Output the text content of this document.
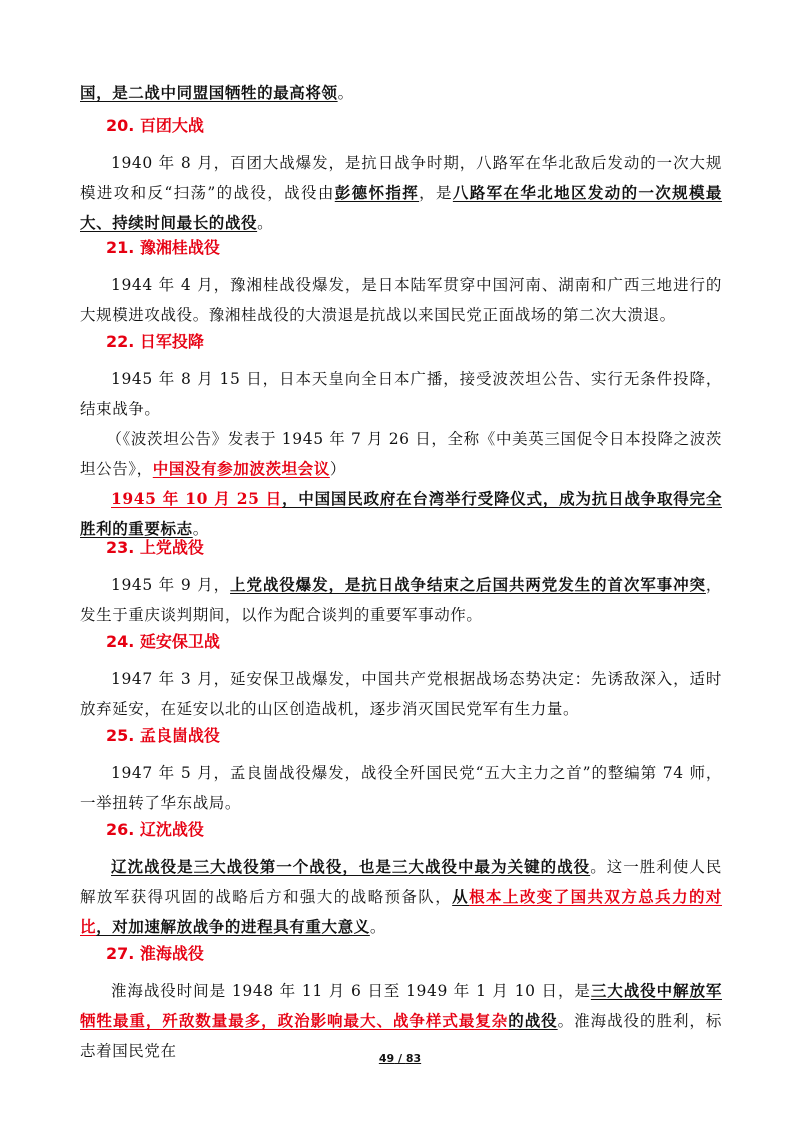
国，是二战中同盟国牺牲的最高将领。

20. 百团大战

1940 年 8 月，百团大战爆发，是抗日战争时期，八路军在华北敌后发动的一次大规模进攻和反“扫荡”的战役，战役由彭德怀指挥，是八路军在华北地区发动的一次规模最大、持续时间最长的战役。

21. 豫湘桂战役

1944 年 4 月，豫湘桂战役爆发，是日本陆军贯穿中国河南、湖南和广西三地进行的大规模进攻战役。豫湘桂战役的大溃退是抗战以来国民党正面战场的第二次大溃退。

22. 日军投降

1945 年 8 月 15 日，日本天皇向全日本广播，接受波茨坦公告、实行无条件投降，结束战争。

（《波茨坦公告》发表于 1945 年 7 月 26 日，全称《中美英三国促令日本投降之波茨坦公告》，中国没有参加波茨坦会议）

1945 年 10 月 25 日，中国国民政府在台湾举行受降仪式，成为抗日战争取得完全胜利的重要标志。

23. 上党战役

1945 年 9 月，上党战役爆发，是抗日战争结束之后国共两党发生的首次军事冲突，发生于重庆谈判期间，以作为配合谈判的重要军事动作。

24. 延安保卫战

1947 年 3 月，延安保卫战爆发，中国共产党根据战场态势决定：先诱敌深入，适时放弃延安，在延安以北的山区创造战机，逐步消灭国民党军有生力量。

25. 孟良崮战役

1947 年 5 月，孟良崮战役爆发，战役全歼国民党“五大主力之首”的整编第 74 师，一举扭转了华东战局。

26. 辽沈战役

辽沈战役是三大战役第一个战役，也是三大战役中最为关键的战役。这一胜利使人民解放军获得巩固的战略后方和强大的战略预备队，从根本上改变了国共双方总兵力的对比，对加速解放战争的进程具有重大意义。

27. 淮海战役

淮海战役时间是 1948 年 11 月 6 日至 1949 年 1 月 10 日，是三大战役中解放军牺牲最重，歼敌数量最多，政治影响最大、战争样式最复杂的战役。淮海战役的胜利，标志着国民党在	49 / 83
